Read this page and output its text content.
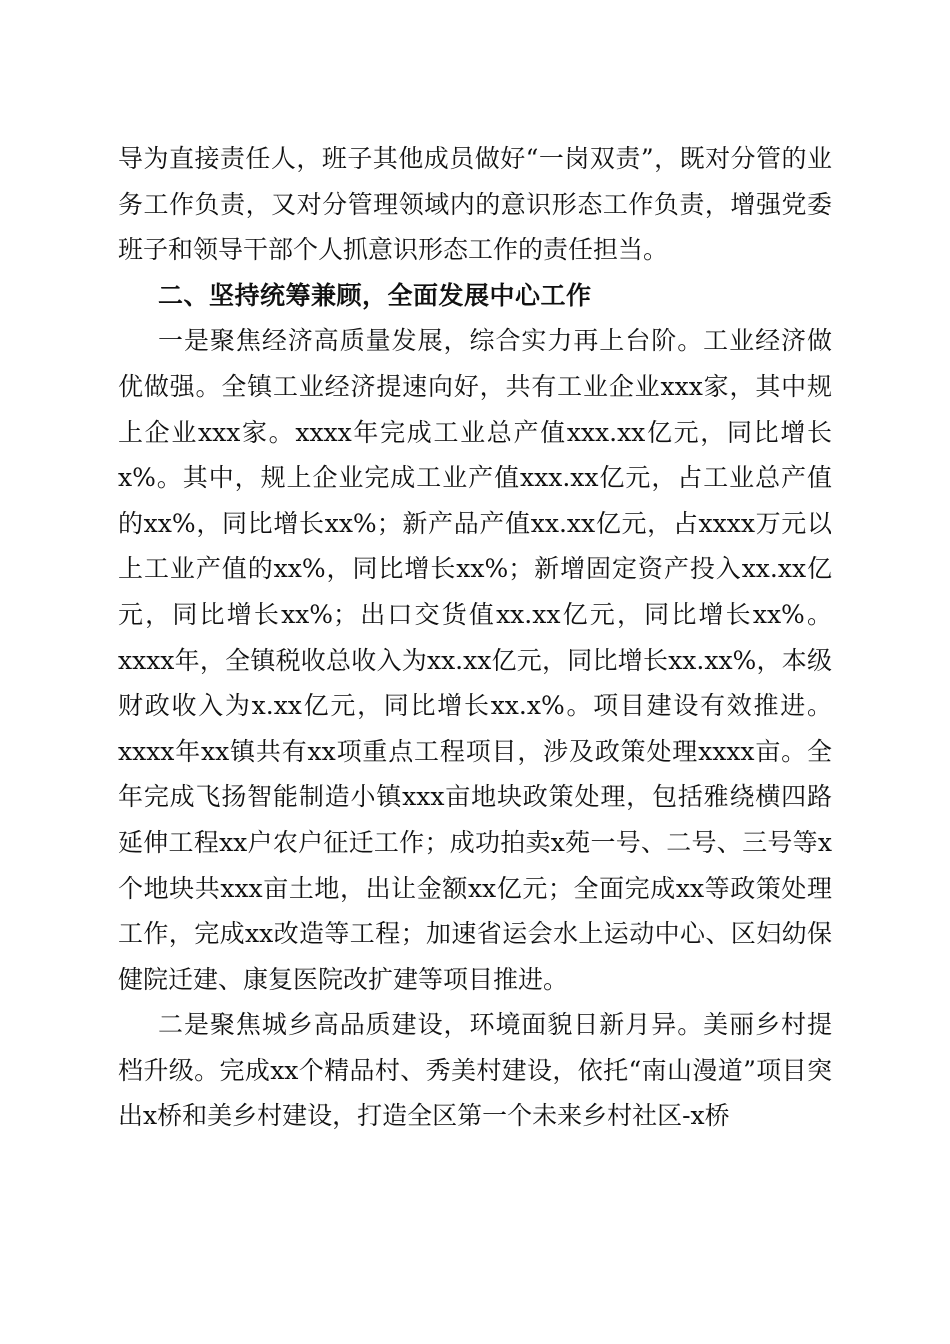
导为直接责任人，班子其他成员做好“一岗双责”，既对分管的业务工作负责，又对分管理领域内的意识形态工作负责，增强党委班子和领导干部个人抓意识形态工作的责任担当。

二、坚持统筹兼顾，全面发展中心工作

一是聚焦经济高质量发展，综合实力再上台阶。工业经济做优做强。全镇工业经济提速向好，共有工业企业xxx家，其中规上企业xxx家。xxxx年完成工业总产值xxx.xx亿元，同比增长x%。其中，规上企业完成工业产值xxx.xx亿元，占工业总产值的xx%，同比增长xx%；新产品产值xx.xx亿元，占xxxx万元以上工业产值的xx%，同比增长xx%；新增固定资产投入xx.xx亿元，同比增长xx%；出口交货值xx.xx亿元，同比增长xx%。xxxx年，全镇税收总收入为xx.xx亿元，同比增长xx.xx%，本级财政收入为x.xx亿元，同比增长xx.x%。项目建设有效推进。xxxx年xx镇共有xx项重点工程项目，涉及政策处理xxxx亩。全年完成飞扬智能制造小镇xxx亩地块政策处理，包括雅绕横四路延伸工程xx户农户征迁工作；成功拍卖x苑一号、二号、三号等x个地块共xxx亩土地，出让金额xx亿元；全面完成xx等政策处理工作，完成xx改造等工程；加速省运会水上运动中心、区妇幼保健院迁建、康复医院改扩建等项目推进。

二是聚焦城乡高品质建设，环境面貌日新月异。美丽乡村提档升级。完成xx个精品村、秀美村建设，依托“南山漫道”项目突出x桥和美乡村建设，打造全区第一个未来乡村社区-x桥
